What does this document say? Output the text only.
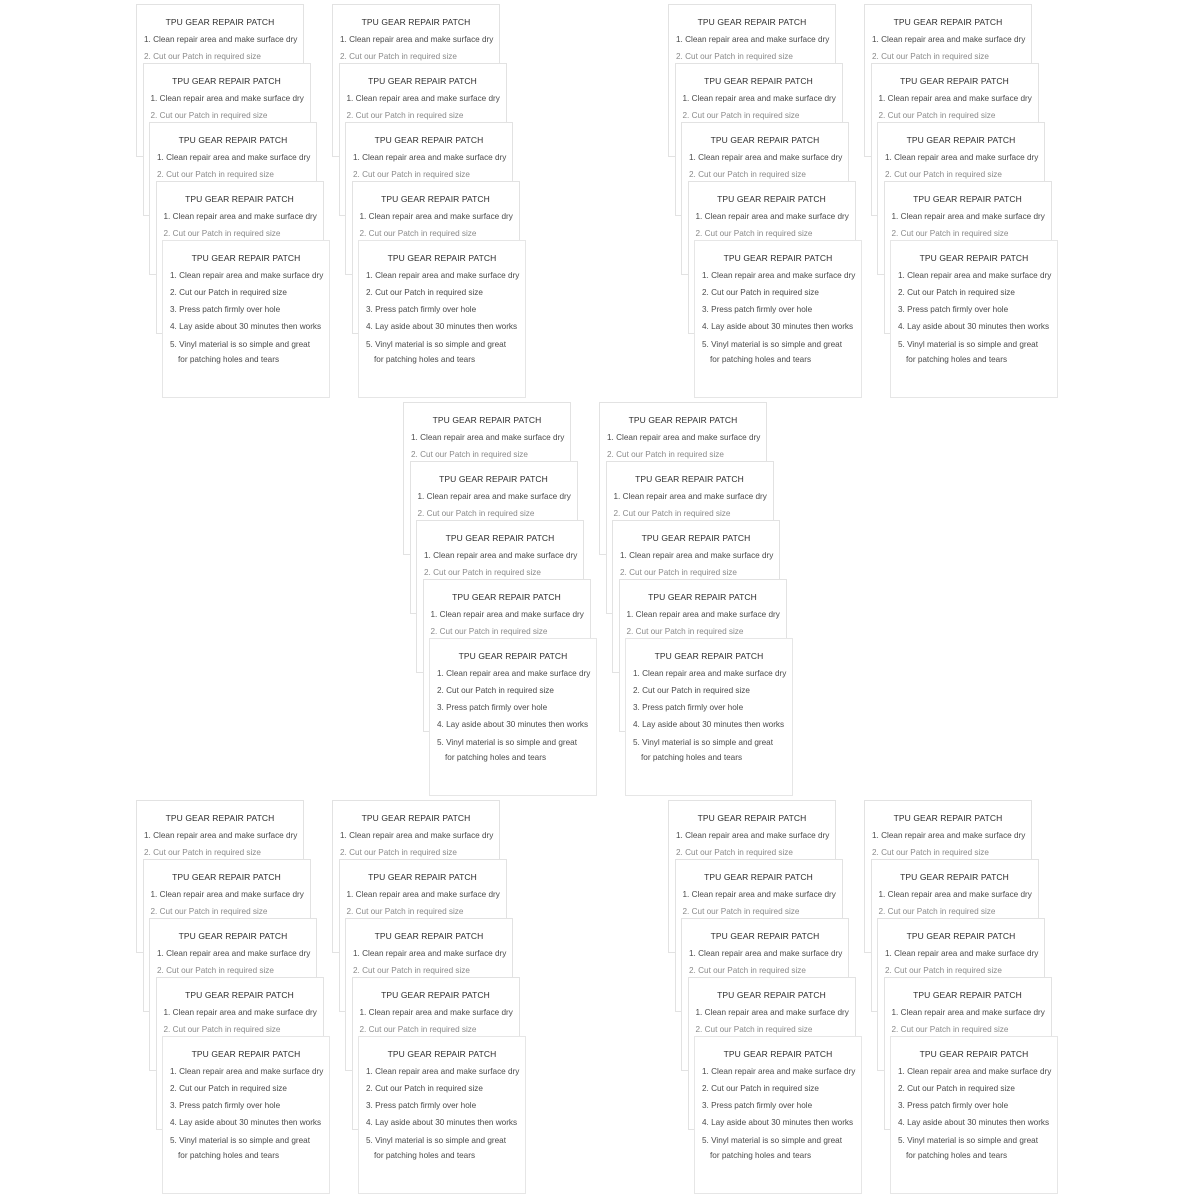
TPU GEAR REPAIR PATCH
1. Clean repair area and make surface dry
2. Cut our Patch in required size
TPU GEAR REPAIR PATCH
1. Clean repair area and make surface dry
2. Cut our Patch in required size
TPU GEAR REPAIR PATCH
1. Clean repair area and make surface dry
2. Cut our Patch in required size
TPU GEAR REPAIR PATCH
1. Clean repair area and make surface dry
2. Cut our Patch in required size
TPU GEAR REPAIR PATCH
1. Clean repair area and make surface dry
2. Cut our Patch in required size
3. Press patch firmly over hole
4. Lay aside about 30 minutes then works
5. Vinyl material is so simple and great
for patching holes and tears
TPU GEAR REPAIR PATCH
1. Clean repair area and make surface dry
2. Cut our Patch in required size
TPU GEAR REPAIR PATCH
1. Clean repair area and make surface dry
2. Cut our Patch in required size
TPU GEAR REPAIR PATCH
1. Clean repair area and make surface dry
2. Cut our Patch in required size
TPU GEAR REPAIR PATCH
1. Clean repair area and make surface dry
2. Cut our Patch in required size
TPU GEAR REPAIR PATCH
1. Clean repair area and make surface dry
2. Cut our Patch in required size
3. Press patch firmly over hole
4. Lay aside about 30 minutes then works
5. Vinyl material is so simple and great
for patching holes and tears
TPU GEAR REPAIR PATCH
1. Clean repair area and make surface dry
2. Cut our Patch in required size
TPU GEAR REPAIR PATCH
1. Clean repair area and make surface dry
2. Cut our Patch in required size
TPU GEAR REPAIR PATCH
1. Clean repair area and make surface dry
2. Cut our Patch in required size
TPU GEAR REPAIR PATCH
1. Clean repair area and make surface dry
2. Cut our Patch in required size
TPU GEAR REPAIR PATCH
1. Clean repair area and make surface dry
2. Cut our Patch in required size
3. Press patch firmly over hole
4. Lay aside about 30 minutes then works
5. Vinyl material is so simple and great
for patching holes and tears
TPU GEAR REPAIR PATCH
1. Clean repair area and make surface dry
2. Cut our Patch in required size
TPU GEAR REPAIR PATCH
1. Clean repair area and make surface dry
2. Cut our Patch in required size
TPU GEAR REPAIR PATCH
1. Clean repair area and make surface dry
2. Cut our Patch in required size
TPU GEAR REPAIR PATCH
1. Clean repair area and make surface dry
2. Cut our Patch in required size
TPU GEAR REPAIR PATCH
1. Clean repair area and make surface dry
2. Cut our Patch in required size
3. Press patch firmly over hole
4. Lay aside about 30 minutes then works
5. Vinyl material is so simple and great
for patching holes and tears
TPU GEAR REPAIR PATCH
1. Clean repair area and make surface dry
2. Cut our Patch in required size
TPU GEAR REPAIR PATCH
1. Clean repair area and make surface dry
2. Cut our Patch in required size
TPU GEAR REPAIR PATCH
1. Clean repair area and make surface dry
2. Cut our Patch in required size
TPU GEAR REPAIR PATCH
1. Clean repair area and make surface dry
2. Cut our Patch in required size
TPU GEAR REPAIR PATCH
1. Clean repair area and make surface dry
2. Cut our Patch in required size
3. Press patch firmly over hole
4. Lay aside about 30 minutes then works
5. Vinyl material is so simple and great
for patching holes and tears
TPU GEAR REPAIR PATCH
1. Clean repair area and make surface dry
2. Cut our Patch in required size
TPU GEAR REPAIR PATCH
1. Clean repair area and make surface dry
2. Cut our Patch in required size
TPU GEAR REPAIR PATCH
1. Clean repair area and make surface dry
2. Cut our Patch in required size
TPU GEAR REPAIR PATCH
1. Clean repair area and make surface dry
2. Cut our Patch in required size
TPU GEAR REPAIR PATCH
1. Clean repair area and make surface dry
2. Cut our Patch in required size
3. Press patch firmly over hole
4. Lay aside about 30 minutes then works
5. Vinyl material is so simple and great
for patching holes and tears
TPU GEAR REPAIR PATCH
1. Clean repair area and make surface dry
2. Cut our Patch in required size
TPU GEAR REPAIR PATCH
1. Clean repair area and make surface dry
2. Cut our Patch in required size
TPU GEAR REPAIR PATCH
1. Clean repair area and make surface dry
2. Cut our Patch in required size
TPU GEAR REPAIR PATCH
1. Clean repair area and make surface dry
2. Cut our Patch in required size
TPU GEAR REPAIR PATCH
1. Clean repair area and make surface dry
2. Cut our Patch in required size
3. Press patch firmly over hole
4. Lay aside about 30 minutes then works
5. Vinyl material is so simple and great
for patching holes and tears
TPU GEAR REPAIR PATCH
1. Clean repair area and make surface dry
2. Cut our Patch in required size
TPU GEAR REPAIR PATCH
1. Clean repair area and make surface dry
2. Cut our Patch in required size
TPU GEAR REPAIR PATCH
1. Clean repair area and make surface dry
2. Cut our Patch in required size
TPU GEAR REPAIR PATCH
1. Clean repair area and make surface dry
2. Cut our Patch in required size
TPU GEAR REPAIR PATCH
1. Clean repair area and make surface dry
2. Cut our Patch in required size
3. Press patch firmly over hole
4. Lay aside about 30 minutes then works
5. Vinyl material is so simple and great
for patching holes and tears
TPU GEAR REPAIR PATCH
1. Clean repair area and make surface dry
2. Cut our Patch in required size
TPU GEAR REPAIR PATCH
1. Clean repair area and make surface dry
2. Cut our Patch in required size
TPU GEAR REPAIR PATCH
1. Clean repair area and make surface dry
2. Cut our Patch in required size
TPU GEAR REPAIR PATCH
1. Clean repair area and make surface dry
2. Cut our Patch in required size
TPU GEAR REPAIR PATCH
1. Clean repair area and make surface dry
2. Cut our Patch in required size
3. Press patch firmly over hole
4. Lay aside about 30 minutes then works
5. Vinyl material is so simple and great
for patching holes and tears
TPU GEAR REPAIR PATCH
1. Clean repair area and make surface dry
2. Cut our Patch in required size
TPU GEAR REPAIR PATCH
1. Clean repair area and make surface dry
2. Cut our Patch in required size
TPU GEAR REPAIR PATCH
1. Clean repair area and make surface dry
2. Cut our Patch in required size
TPU GEAR REPAIR PATCH
1. Clean repair area and make surface dry
2. Cut our Patch in required size
TPU GEAR REPAIR PATCH
1. Clean repair area and make surface dry
2. Cut our Patch in required size
3. Press patch firmly over hole
4. Lay aside about 30 minutes then works
5. Vinyl material is so simple and great
for patching holes and tears
